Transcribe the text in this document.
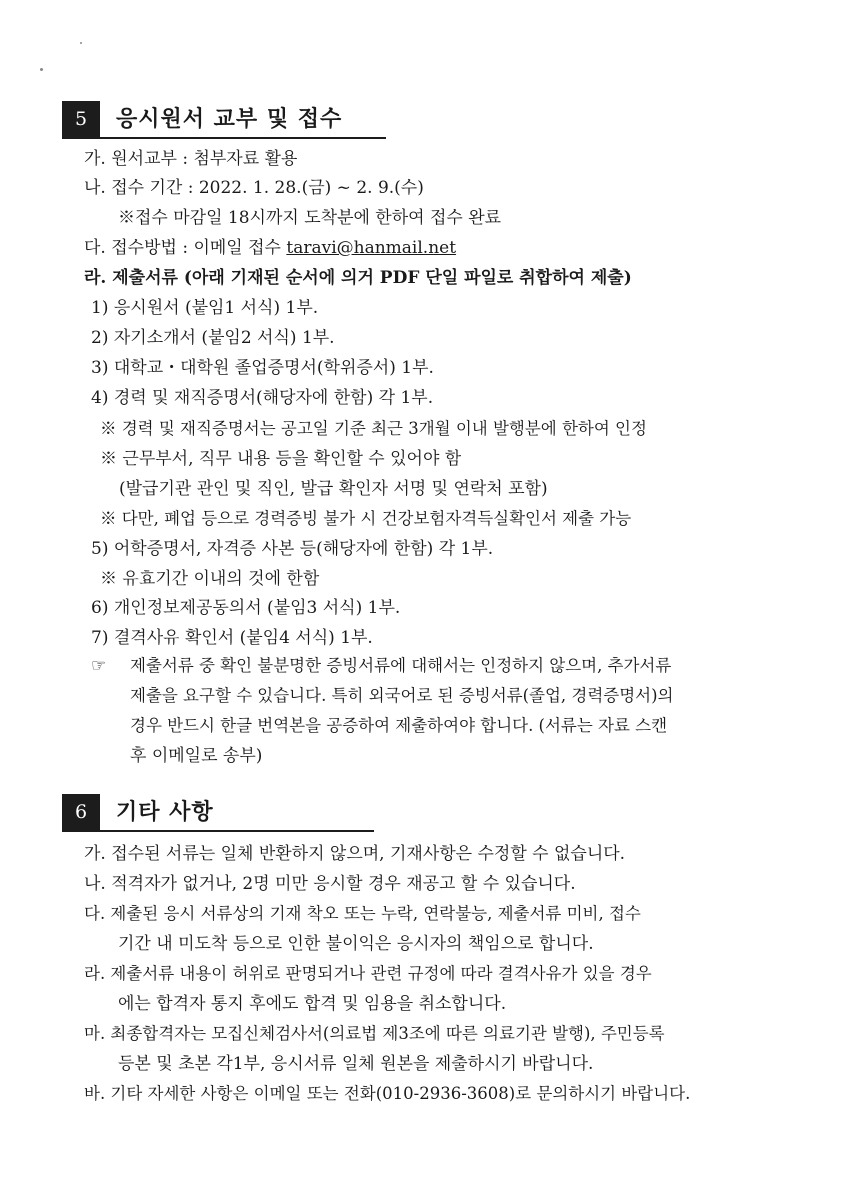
5	응시원서 교부 및 접수
가. 원서교부 : 첨부자료 활용
나. 접수 기간 : 2022. 1. 28.(금) ~ 2. 9.(수)
※접수 마감일 18시까지 도착분에 한하여 접수 완료
다. 접수방법 : 이메일 접수 taravi@hanmail.net
라. 제출서류 (아래 기재된 순서에 의거 PDF 단일 파일로 취합하여 제출)
1) 응시원서 (붙임1 서식) 1부.
2) 자기소개서 (붙임2 서식) 1부.
3) 대학교・대학원 졸업증명서(학위증서) 1부.
4) 경력 및 재직증명서(해당자에 한함) 각 1부.
※ 경력 및 재직증명서는 공고일 기준 최근 3개월 이내 발행분에 한하여 인정
※ 근무부서, 직무 내용 등을 확인할 수 있어야 함
(발급기관 관인 및 직인, 발급 확인자 서명 및 연락처 포함)
※ 다만, 폐업 등으로 경력증빙 불가 시 건강보험자격득실확인서 제출 가능
5) 어학증명서, 자격증 사본 등(해당자에 한함) 각 1부.
※ 유효기간 이내의 것에 한함
6) 개인정보제공동의서 (붙임3 서식) 1부.
7) 결격사유 확인서 (붙임4 서식) 1부.
☞ 제출서류 중 확인 불분명한 증빙서류에 대해서는 인정하지 않으며, 추가서류
제출을 요구할 수 있습니다. 특히 외국어로 된 증빙서류(졸업, 경력증명서)의
경우 반드시 한글 번역본을 공증하여 제출하여야 합니다. (서류는 자료 스캔
후 이메일로 송부)
6	기타 사항
가. 접수된 서류는 일체 반환하지 않으며, 기재사항은 수정할 수 없습니다.
나. 적격자가 없거나, 2명 미만 응시할 경우 재공고 할 수 있습니다.
다. 제출된 응시 서류상의 기재 착오 또는 누락, 연락불능, 제출서류 미비, 접수
기간 내 미도착 등으로 인한 불이익은 응시자의 책임으로 합니다.
라. 제출서류 내용이 허위로 판명되거나 관련 규정에 따라 결격사유가 있을 경우
에는 합격자 통지 후에도 합격 및 임용을 취소합니다.
마. 최종합격자는 모집신체검사서(의료법 제3조에 따른 의료기관 발행), 주민등록
등본 및 초본 각1부, 응시서류 일체 원본을 제출하시기 바랍니다.
바. 기타 자세한 사항은 이메일 또는 전화(010-2936-3608)로 문의하시기 바랍니다.
